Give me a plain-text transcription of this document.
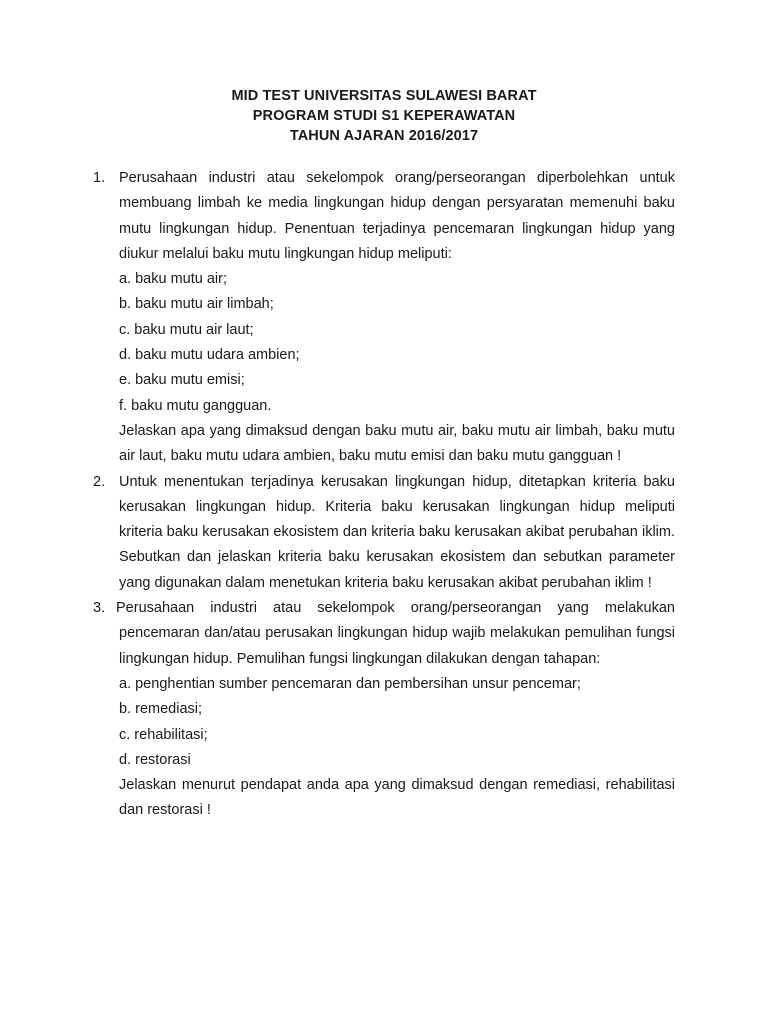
MID TEST UNIVERSITAS SULAWESI BARAT
PROGRAM STUDI S1 KEPERAWATAN
TAHUN AJARAN 2016/2017
1. Perusahaan industri atau sekelompok orang/perseorangan diperbolehkan untuk membuang limbah ke media lingkungan hidup dengan persyaratan memenuhi baku mutu lingkungan hidup. Penentuan terjadinya pencemaran lingkungan hidup yang diukur melalui baku mutu lingkungan hidup meliputi:
a. baku mutu air;
b. baku mutu air limbah;
c. baku mutu air laut;
d. baku mutu udara ambien;
e. baku mutu emisi;
f. baku mutu gangguan.
Jelaskan apa yang dimaksud dengan baku mutu air, baku mutu air limbah, baku mutu air laut, baku mutu udara ambien, baku mutu emisi dan baku mutu gangguan !
2. Untuk menentukan terjadinya kerusakan lingkungan hidup, ditetapkan kriteria baku kerusakan lingkungan hidup. Kriteria baku kerusakan lingkungan hidup meliputi kriteria baku kerusakan ekosistem dan kriteria baku kerusakan akibat perubahan iklim. Sebutkan dan jelaskan kriteria baku kerusakan ekosistem dan sebutkan parameter yang digunakan dalam menetukan kriteria baku kerusakan akibat perubahan iklim !
3. Perusahaan industri atau sekelompok orang/perseorangan yang melakukan pencemaran dan/atau perusakan lingkungan hidup wajib melakukan pemulihan fungsi lingkungan hidup. Pemulihan fungsi lingkungan dilakukan dengan tahapan:
a. penghentian sumber pencemaran dan pembersihan unsur pencemar;
b. remediasi;
c. rehabilitasi;
d. restorasi
Jelaskan menurut pendapat anda apa yang dimaksud dengan remediasi, rehabilitasi dan restorasi !
